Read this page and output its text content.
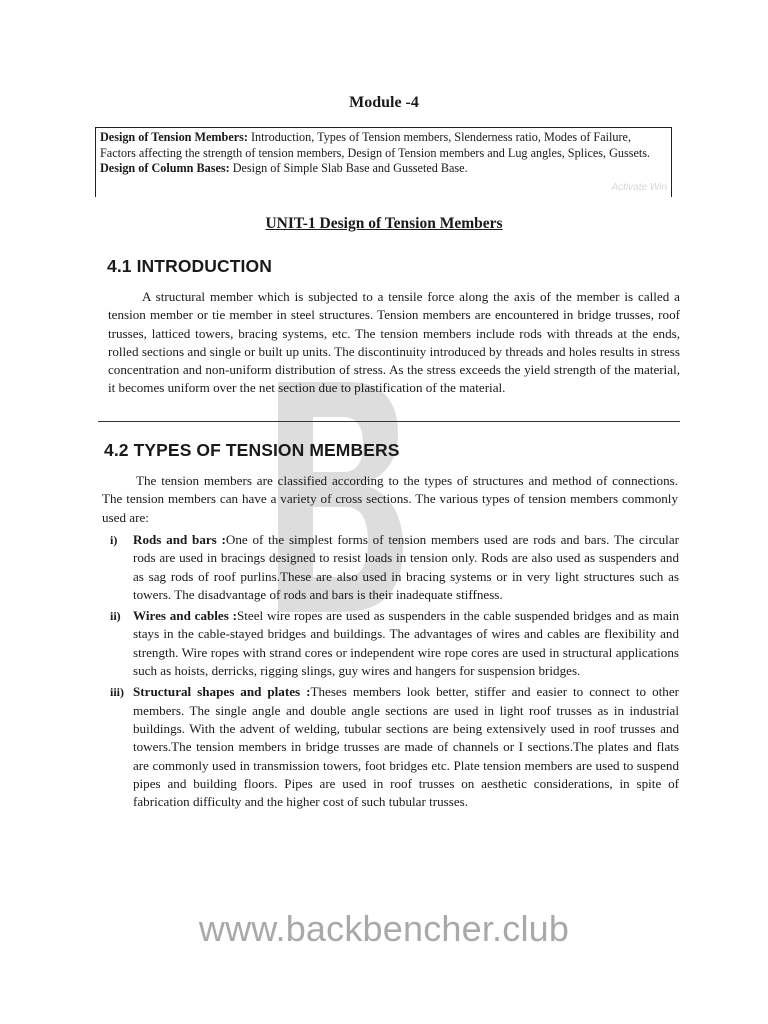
Module -4
Design of Tension Members: Introduction, Types of Tension members, Slenderness ratio, Modes of Failure, Factors affecting the strength of tension members, Design of Tension members and Lug angles, Splices, Gussets.
Design of Column Bases: Design of Simple Slab Base and Gusseted Base.
Activate Win
UNIT-1 Design of Tension Members
4.1 INTRODUCTION
A structural member which is subjected to a tensile force along the axis of the member is called a tension member or tie member in steel structures. Tension members are encountered in bridge trusses, roof trusses, latticed towers, bracing systems, etc. The tension members include rods with threads at the ends, rolled sections and single or built up units. The discontinuity introduced by threads and holes results in stress concentration and non-uniform distribution of stress. As the stress exceeds the yield strength of the material, it becomes uniform over the net section due to plastification of the material.
4.2 TYPES OF TENSION MEMBERS
The tension members are classified according to the types of structures and method of connections. The tension members can have a variety of cross sections. The various types of tension members commonly used are:
i) Rods and bars :One of the simplest forms of tension members used are rods and bars. The circular rods are used in bracings designed to resist loads in tension only. Rods are also used as suspenders and as sag rods of roof purlins.These are also used in bracing systems or in very light structures such as towers. The disadvantage of rods and bars is their inadequate stiffness.
ii) Wires and cables :Steel wire ropes are used as suspenders in the cable suspended bridges and as main stays in the cable-stayed bridges and buildings. The advantages of wires and cables are flexibility and strength. Wire ropes with strand cores or independent wire rope cores are used in structural applications such as hoists, derricks, rigging slings, guy wires and hangers for suspension bridges.
iii) Structural shapes and plates :Theses members look better, stiffer and easier to connect to other members. The single angle and double angle sections are used in light roof trusses as in industrial buildings. With the advent of welding, tubular sections are being extensively used in roof trusses and towers.The tension members in bridge trusses are made of channels or I sections.The plates and flats are commonly used in transmission towers, foot bridges etc. Plate tension members are used to suspend pipes and building floors. Pipes are used in roof trusses on aesthetic considerations, in spite of fabrication difficulty and the higher cost of such tubular trusses.
www.backbencher.club
